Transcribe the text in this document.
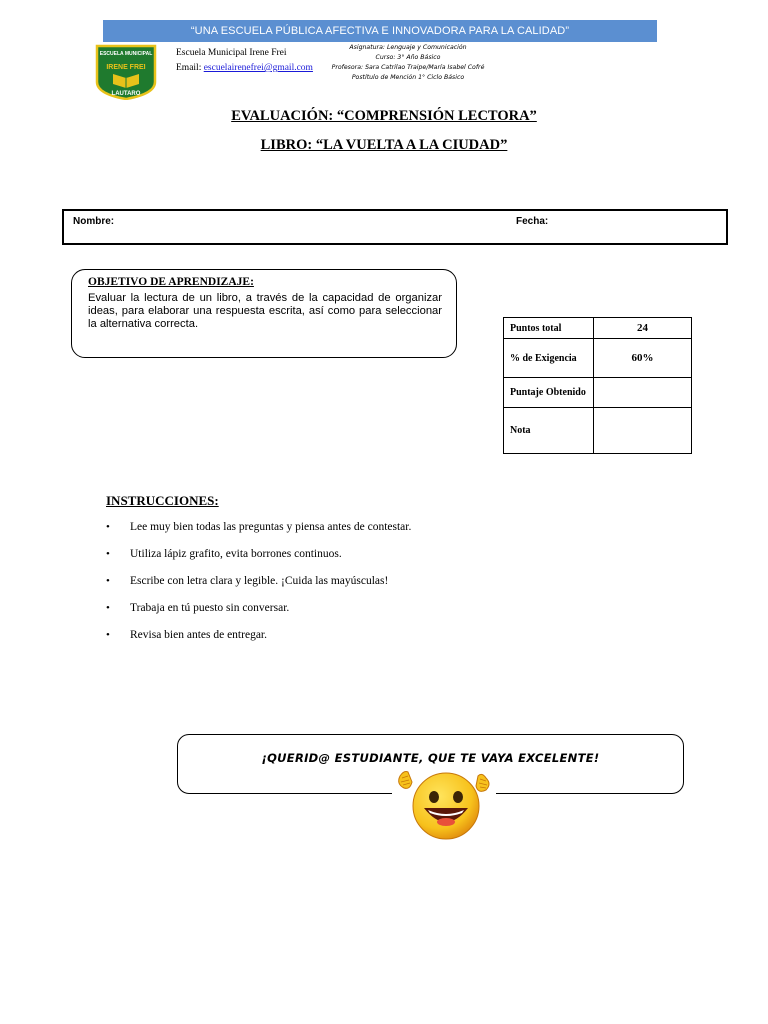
“UNA ESCUELA PÚBLICA AFECTIVA E INNOVADORA PARA LA CALIDAD”
ESCUELA MUNICIPAL
IRENE FREI
LAUTARO
Escuela Municipal Irene Frei
Email: escuelairenefrei@gmail.com
Asignatura: Lenguaje y Comunicación
Curso: 3° Año Básico
Profesora: Sara Catrilao Traipe/María Isabel Cofré
Postítulo de Mención 1° Ciclo Básico
EVALUACIÓN: “COMPRENSIÓN LECTORA”
LIBRO: “LA VUELTA A LA CIUDAD”
Nombre:	Fecha:
OBJETIVO DE APRENDIZAJE:
Evaluar la lectura de un libro, a través de la capacidad de organizar ideas, para elaborar una respuesta escrita, así como para seleccionar la alternativa correcta.	Puntos total	24
% de Exigencia	60%
Puntaje Obtenido	
Nota	
INSTRUCCIONES:
•	Lee muy bien todas las preguntas y piensa antes de contestar.
•	Utiliza lápiz grafito, evita borrones continuos.
•	Escribe con letra clara y legible. ¡Cuida las mayúsculas!
•	Trabaja en tú puesto sin conversar.
•	Revisa bien antes de entregar.
¡QUERID@ ESTUDIANTE, QUE TE VAYA EXCELENTE!
